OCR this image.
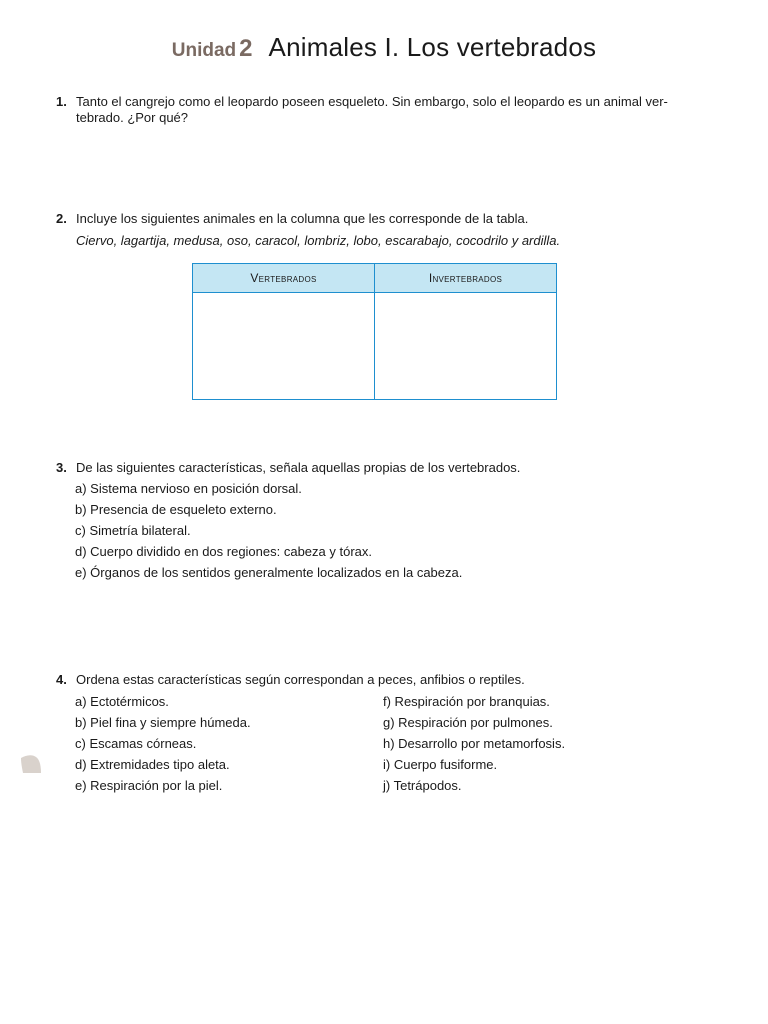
Unidad 2 Animales I. Los vertebrados
1. Tanto el cangrejo como el leopardo poseen esqueleto. Sin embargo, solo el leopardo es un animal ver-
tebrado. ¿Por qué?
2. Incluye los siguientes animales en la columna que les corresponde de la tabla.
Ciervo, lagartija, medusa, oso, caracol, lombriz, lobo, escarabajo, cocodrilo y ardilla.
Vertebrados	Invertebrados

3. De las siguientes características, señala aquellas propias de los vertebrados.
a) Sistema nervioso en posición dorsal.
b) Presencia de esqueleto externo.
c) Simetría bilateral.
d) Cuerpo dividido en dos regiones: cabeza y tórax.
e) Órganos de los sentidos generalmente localizados en la cabeza.
4. Ordena estas características según correspondan a peces, anfibios o reptiles.
a) Ectotérmicos.
b) Piel fina y siempre húmeda.
c) Escamas córneas.
d) Extremidades tipo aleta.
e) Respiración por la piel.
f) Respiración por branquias.
g) Respiración por pulmones.
h) Desarrollo por metamorfosis.
i) Cuerpo fusiforme.
j) Tetrápodos.
